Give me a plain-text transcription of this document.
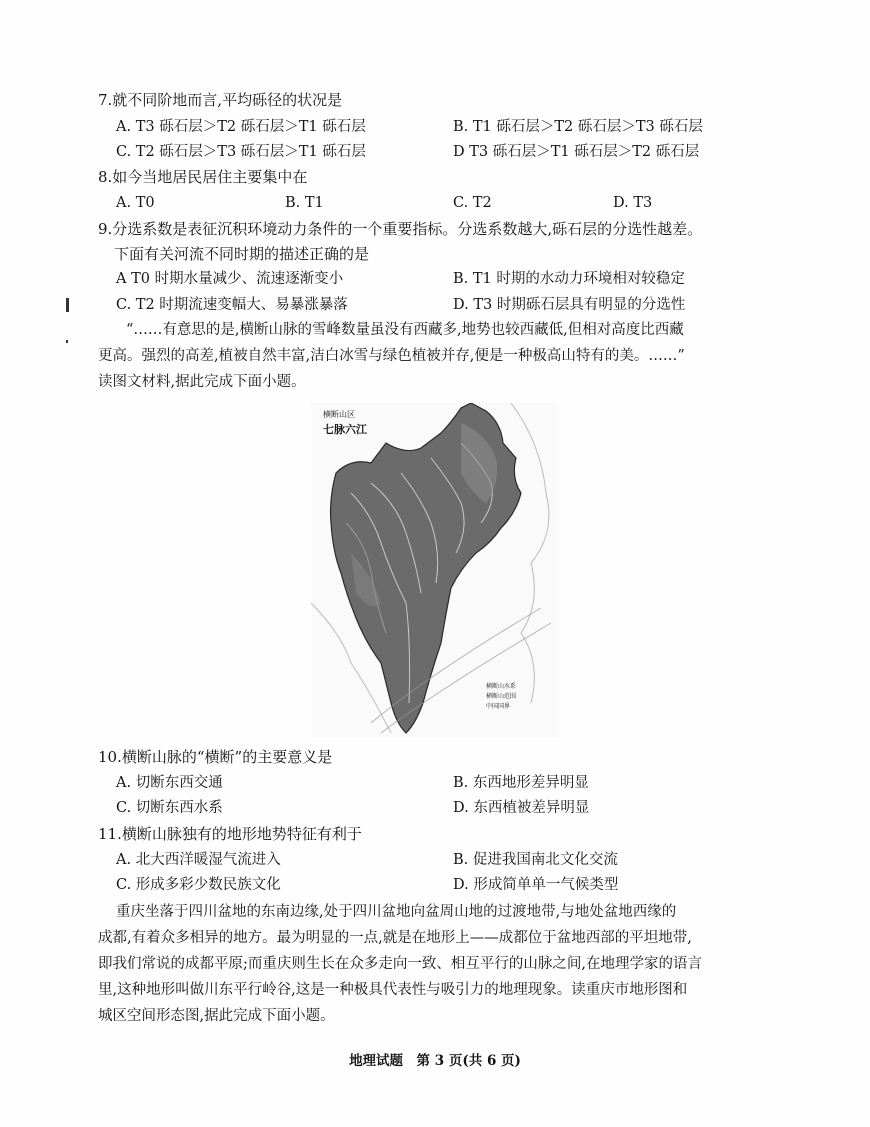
7.就不同阶地而言,平均砾径的状况是
A. T3 砾石层＞T2 砾石层＞T1 砾石层	B. T1 砾石层＞T2 砾石层＞T3 砾石层
C. T2 砾石层＞T3 砾石层＞T1 砾石层	D T3 砾石层＞T1 砾石层＞T2 砾石层
8.如今当地居民居住主要集中在
A. T0	B. T1	C. T2	D. T3
9.分选系数是表征沉积环境动力条件的一个重要指标。分选系数越大,砾石层的分选性越差。
下面有关河流不同时期的描述正确的是
A T0 时期水量减少、流速逐渐变小	B. T1 时期的水动力环境相对较稳定
C. T2 时期流速变幅大、易暴涨暴落	D. T3 时期砾石层具有明显的分选性
“……有意思的是,横断山脉的雪峰数量虽没有西藏多,地势也较西藏低,但相对高度比西藏
更高。强烈的高差,植被自然丰富,洁白冰雪与绿色植被并存,便是一种极高山特有的美。……”
读图文材料,据此完成下面小题。
横断山区
七脉六江
横断山水系
横断山范围
中国国界
10.横断山脉的“横断”的主要意义是
A. 切断东西交通	B. 东西地形差异明显
C. 切断东西水系	D. 东西植被差异明显
11.横断山脉独有的地形地势特征有利于
A. 北大西洋暖湿气流进入	B. 促进我国南北文化交流
C. 形成多彩少数民族文化	D. 形成简单单一气候类型
重庆坐落于四川盆地的东南边缘,处于四川盆地向盆周山地的过渡地带,与地处盆地西缘的
成都,有着众多相异的地方。最为明显的一点,就是在地形上——成都位于盆地西部的平坦地带,
即我们常说的成都平原;而重庆则生长在众多走向一致、相互平行的山脉之间,在地理学家的语言
里,这种地形叫做川东平行岭谷,这是一种极具代表性与吸引力的地理现象。读重庆市地形图和
城区空间形态图,据此完成下面小题。
地理试题　第 3 页(共 6 页)
